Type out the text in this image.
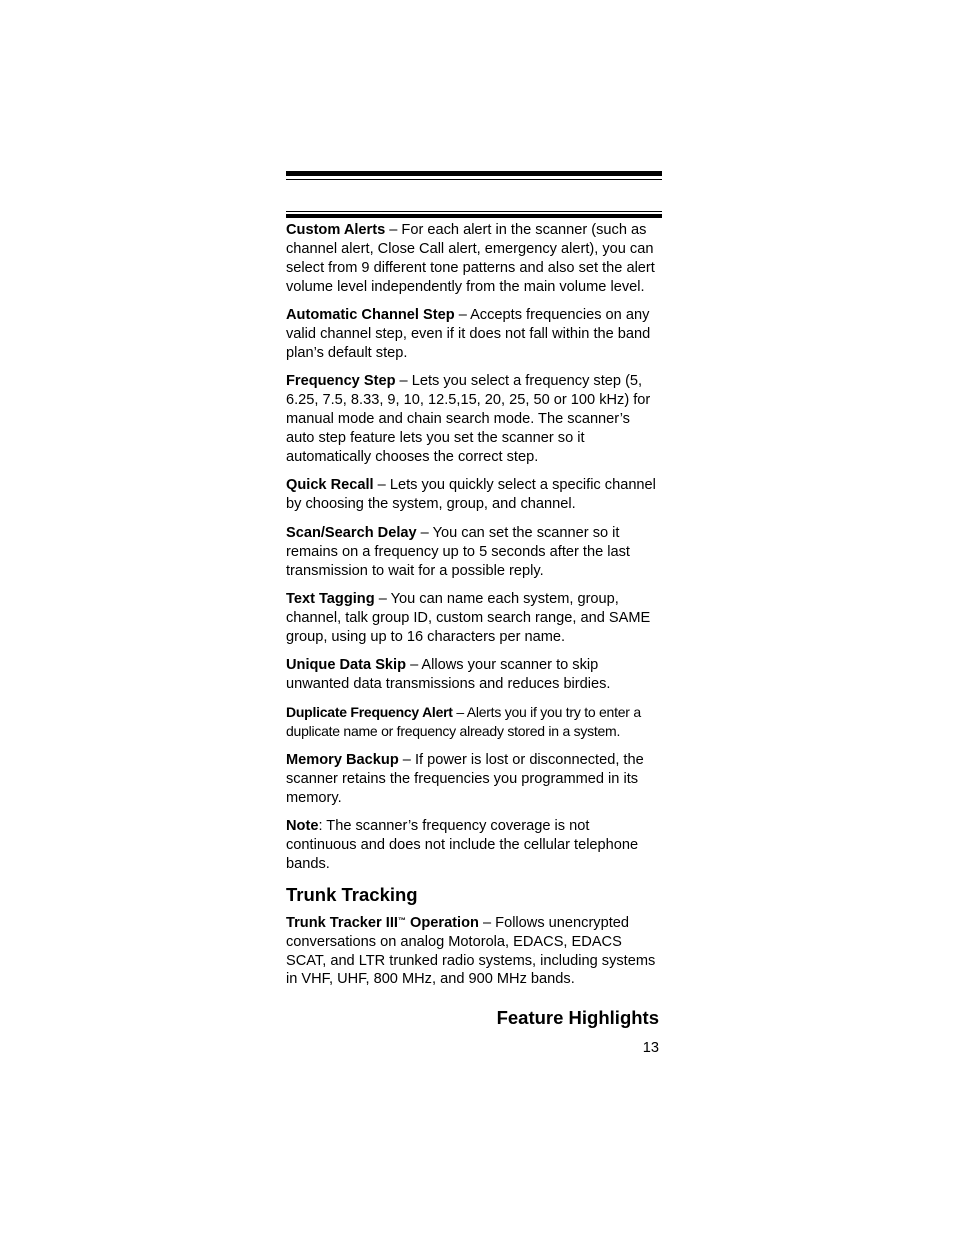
Custom Alerts – For each alert in the scanner (such as channel alert, Close Call alert, emergency alert), you can select from 9 different tone patterns and also set the alert volume level independently from the main volume level.

Automatic Channel Step – Accepts frequencies on any valid channel step, even if it does not fall within the band plan’s default step.

Frequency Step – Lets you select a frequency step (5, 6.25, 7.5, 8.33, 9, 10, 12.5,15, 20, 25, 50 or 100 kHz) for manual mode and chain search mode. The scanner’s auto step feature lets you set the scanner so it automatically chooses the correct step.

Quick Recall – Lets you quickly select a specific channel by choosing the system, group, and channel.

Scan/Search Delay – You can set the scanner so it remains on a frequency up to 5 seconds after the last transmission to wait for a possible reply.

Text Tagging – You can name each system, group, channel, talk group ID, custom search range, and SAME group, using up to 16 characters per name.

Unique Data Skip – Allows your scanner to skip unwanted data transmissions and reduces birdies.

Duplicate Frequency Alert – Alerts you if you try to enter a duplicate name or frequency already stored in a system.

Memory Backup – If power is lost or disconnected, the scanner retains the frequencies you programmed in its memory.

Note: The scanner’s frequency coverage is not continuous and does not include the cellular telephone bands.

Trunk Tracking

Trunk Tracker III™ Operation – Follows unencrypted conversations on analog Motorola, EDACS, EDACS SCAT, and LTR trunked radio systems, including systems in VHF, UHF, 800 MHz, and 900 MHz bands.

Feature Highlights
13
